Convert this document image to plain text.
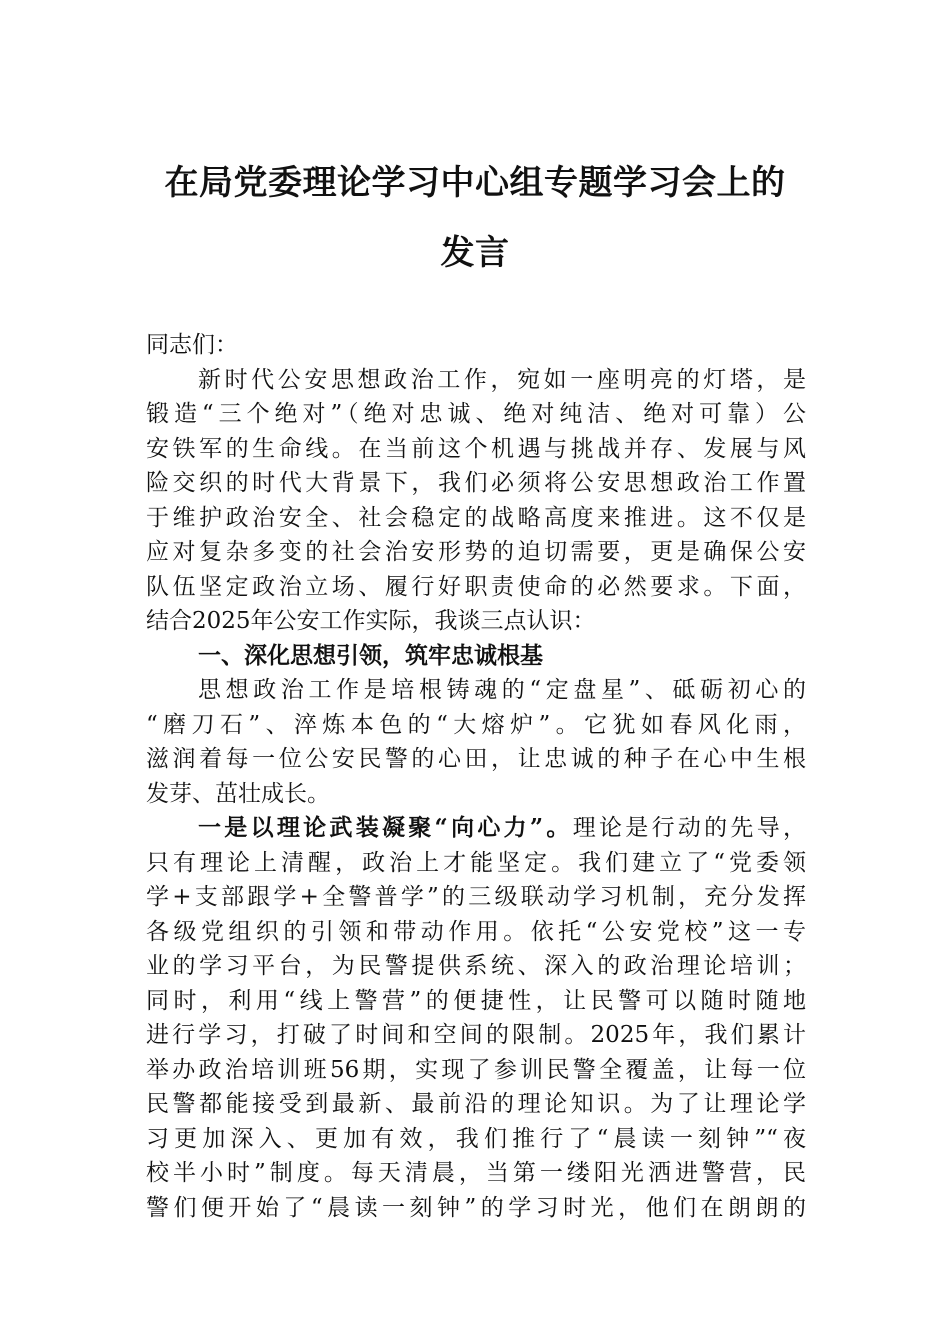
在局党委理论学习中心组专题学习会上的
发言
同志们：
新时代公安思想政治工作，宛如一座明亮的灯塔，是
锻造“三个绝对”（绝对忠诚、绝对纯洁、绝对可靠）公
安铁军的生命线。在当前这个机遇与挑战并存、发展与风
险交织的时代大背景下，我们必须将公安思想政治工作置
于维护政治安全、社会稳定的战略高度来推进。这不仅是
应对复杂多变的社会治安形势的迫切需要，更是确保公安
队伍坚定政治立场、履行好职责使命的必然要求。下面，
结合2025年公安工作实际，我谈三点认识：
一、深化思想引领，筑牢忠诚根基
思想政治工作是培根铸魂的“定盘星”、砥砺初心的
“磨刀石”、淬炼本色的“大熔炉”。它犹如春风化雨，
滋润着每一位公安民警的心田，让忠诚的种子在心中生根
发芽、茁壮成长。
一是以理论武装凝聚“向心力”。理论是行动的先导，
只有理论上清醒，政治上才能坚定。我们建立了“党委领
学+支部跟学+全警普学”的三级联动学习机制，充分发挥
各级党组织的引领和带动作用。依托“公安党校”这一专
业的学习平台，为民警提供系统、深入的政治理论培训；
同时，利用“线上警营”的便捷性，让民警可以随时随地
进行学习，打破了时间和空间的限制。2025年，我们累计
举办政治培训班56期，实现了参训民警全覆盖，让每一位
民警都能接受到最新、最前沿的理论知识。为了让理论学
习更加深入、更加有效，我们推行了“晨读一刻钟”“夜
校半小时”制度。每天清晨，当第一缕阳光洒进警营，民
警们便开始了“晨读一刻钟”的学习时光，他们在朗朗的
